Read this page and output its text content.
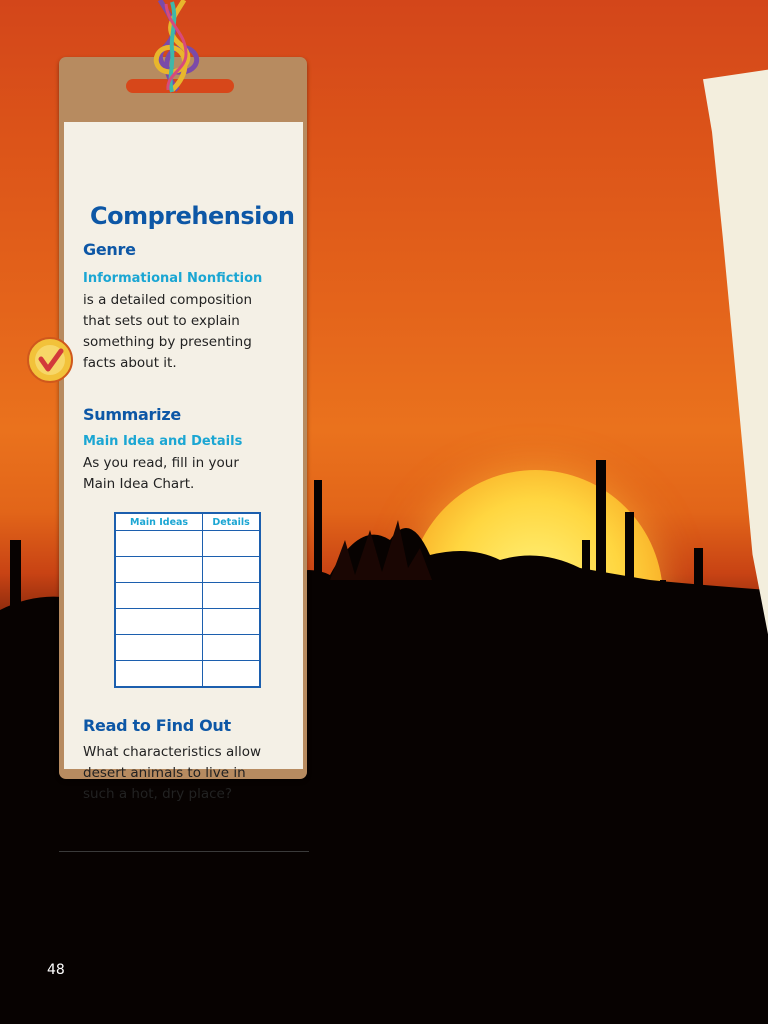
Comprehension
Genre
Informational Nonfiction
is a detailed composition
that sets out to explain
something by presenting
facts about it.
Summarize
Main Idea and Details
As you read, fill in your
Main Idea Chart.
Main Ideas	Details

Read to Find Out
What characteristics allow
desert animals to live in
such a hot, dry place?
48
